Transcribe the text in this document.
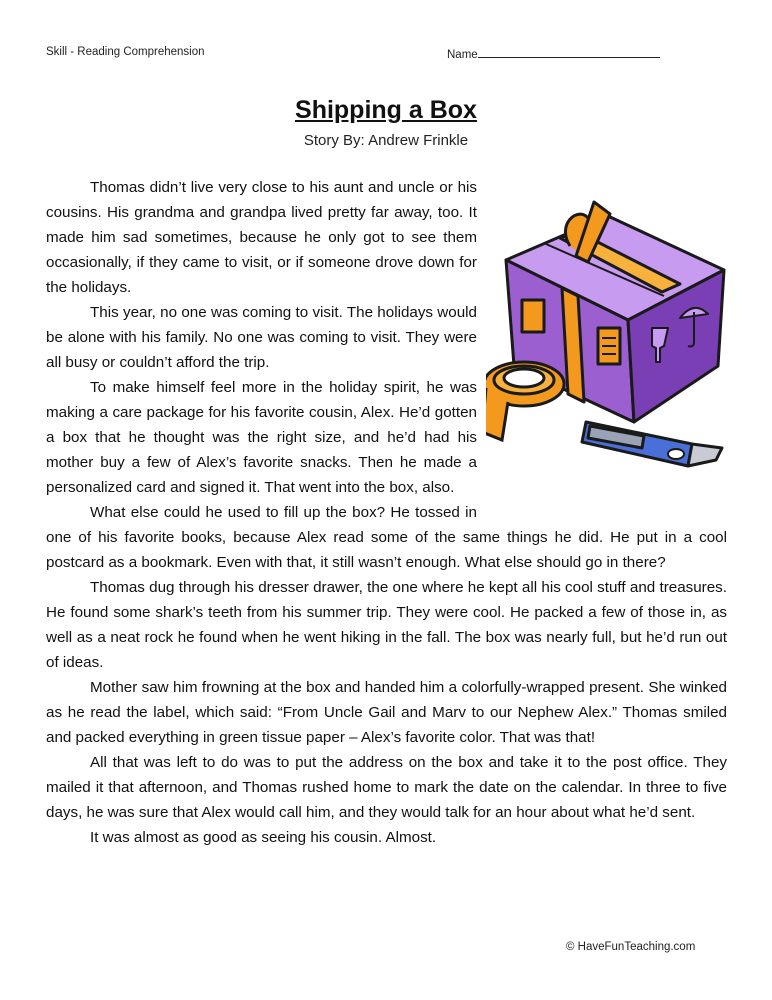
Skill - Reading Comprehension	Name
Shipping a Box
Story By: Andrew Frinkle

Thomas didn’t live very close to his aunt and uncle or his cousins. His grandma and grandpa lived pretty far away, too. It made him sad sometimes, because he only got to see them occasionally, if they came to visit, or if someone drove down for the holidays.

This year, no one was coming to visit. The holidays would be alone with his family. No one was coming to visit. They were all busy or couldn’t afford the trip.

To make himself feel more in the holiday spirit, he was making a care package for his favorite cousin, Alex. He’d gotten a box that he thought was the right size, and he’d had his mother buy a few of Alex’s favorite snacks. Then he made a personalized card and signed it. That went into the box, also.

What else could he used to fill up the box? He tossed in one of his favorite books, because Alex read some of the same things he did. He put in a cool postcard as a bookmark. Even with that, it still wasn’t enough. What else should go in there?

Thomas dug through his dresser drawer, the one where he kept all his cool stuff and treasures. He found some shark’s teeth from his summer trip. They were cool. He packed a few of those in, as well as a neat rock he found when he went hiking in the fall. The box was nearly full, but he’d run out of ideas.

Mother saw him frowning at the box and handed him a colorfully-wrapped present. She winked as he read the label, which said: “From Uncle Gail and Marv to our Nephew Alex.” Thomas smiled and packed everything in green tissue paper – Alex’s favorite color. That was that!

All that was left to do was to put the address on the box and take it to the post office. They mailed it that afternoon, and Thomas rushed home to mark the date on the calendar. In three to five days, he was sure that Alex would call him, and they would talk for an hour about what he’d sent.

It was almost as good as seeing his cousin. Almost.

© HaveFunTeaching.com
